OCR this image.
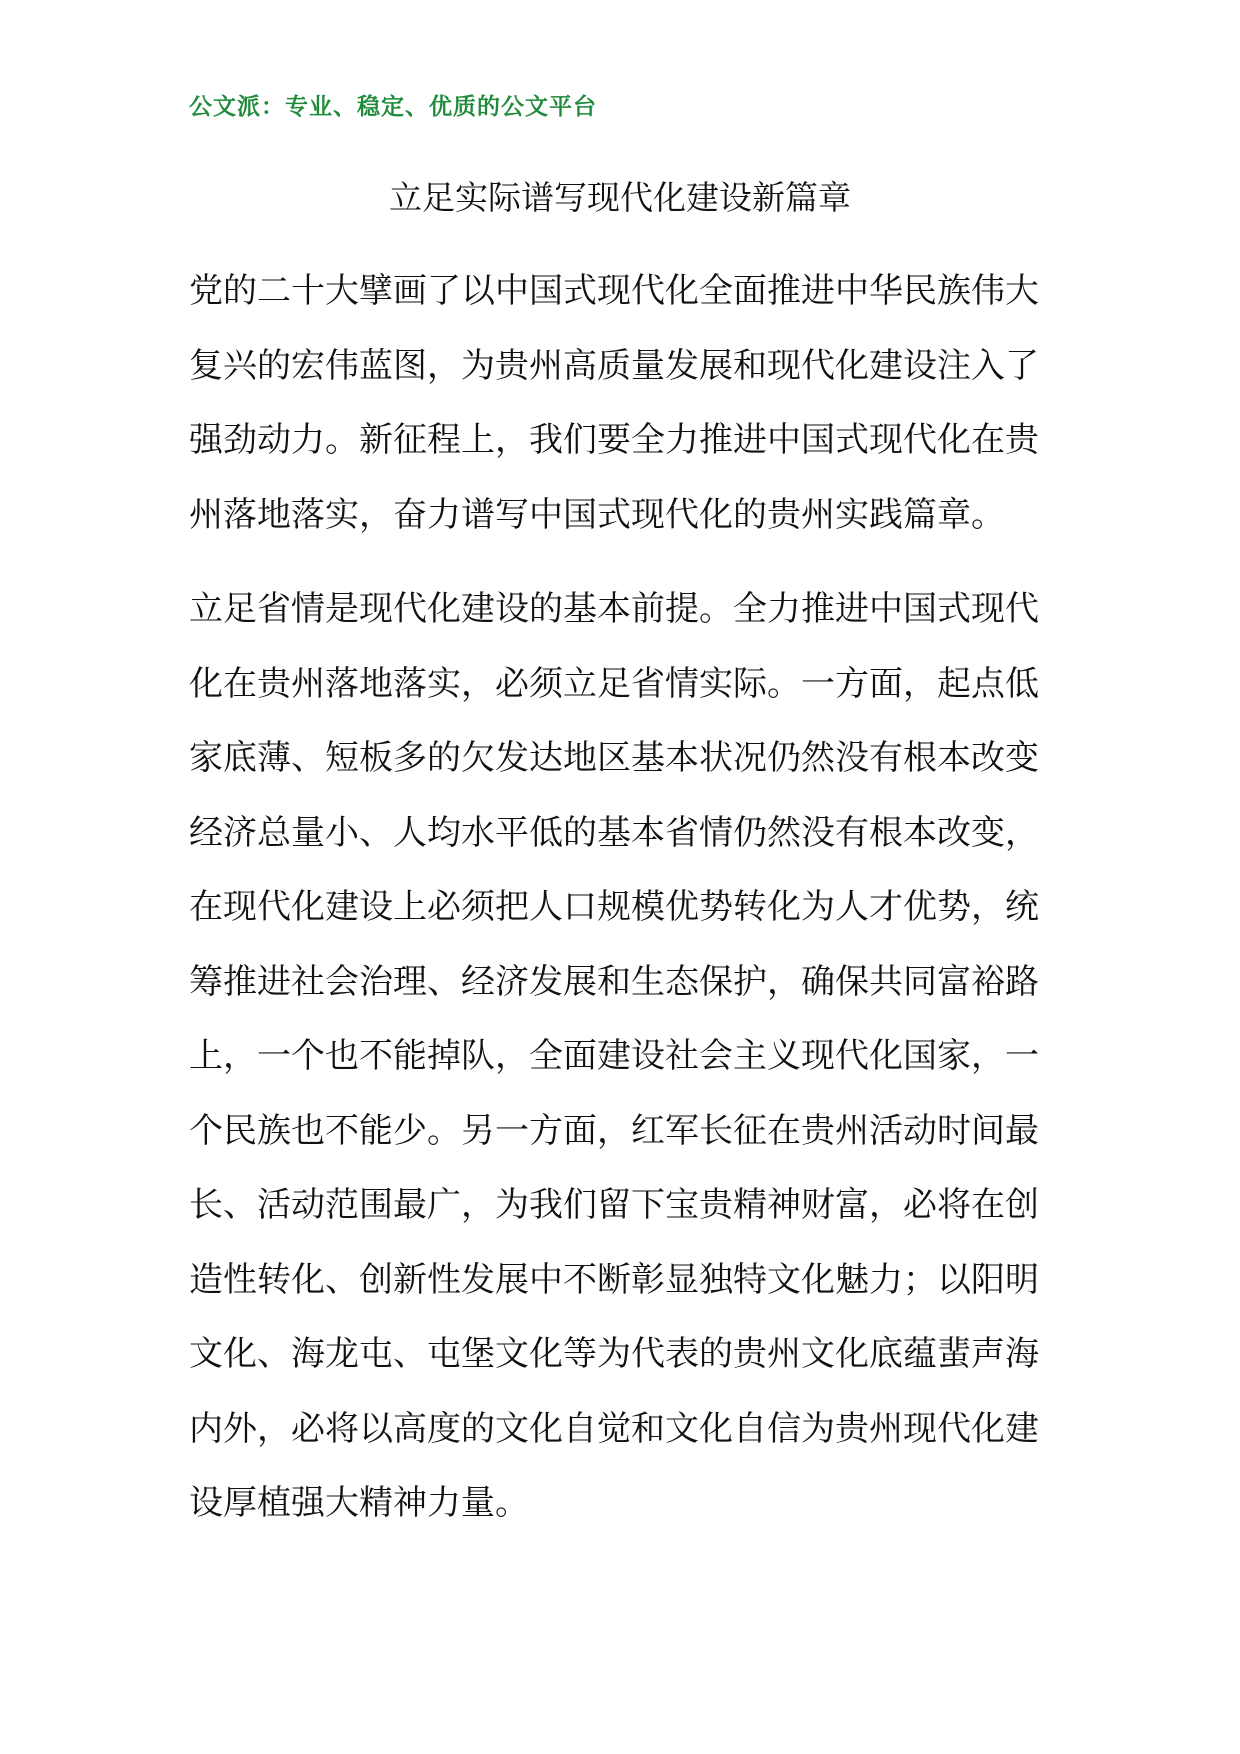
公文派：专业、稳定、优质的公文平台
立足实际谱写现代化建设新篇章
党的二十大擘画了以中国式现代化全面推进中华民族伟大
复兴的宏伟蓝图，为贵州高质量发展和现代化建设注入了
强劲动力。新征程上，我们要全力推进中国式现代化在贵
州落地落实，奋力谱写中国式现代化的贵州实践篇章。
立足省情是现代化建设的基本前提。全力推进中国式现代
化在贵州落地落实，必须立足省情实际。一方面，起点低
家底薄、短板多的欠发达地区基本状况仍然没有根本改变
经济总量小、人均水平低的基本省情仍然没有根本改变，
在现代化建设上必须把人口规模优势转化为人才优势，统
筹推进社会治理、经济发展和生态保护，确保共同富裕路
上，一个也不能掉队，全面建设社会主义现代化国家，一
个民族也不能少。另一方面，红军长征在贵州活动时间最
长、活动范围最广，为我们留下宝贵精神财富，必将在创
造性转化、创新性发展中不断彰显独特文化魅力；以阳明
文化、海龙屯、屯堡文化等为代表的贵州文化底蕴蜚声海
内外，必将以高度的文化自觉和文化自信为贵州现代化建
设厚植强大精神力量。
